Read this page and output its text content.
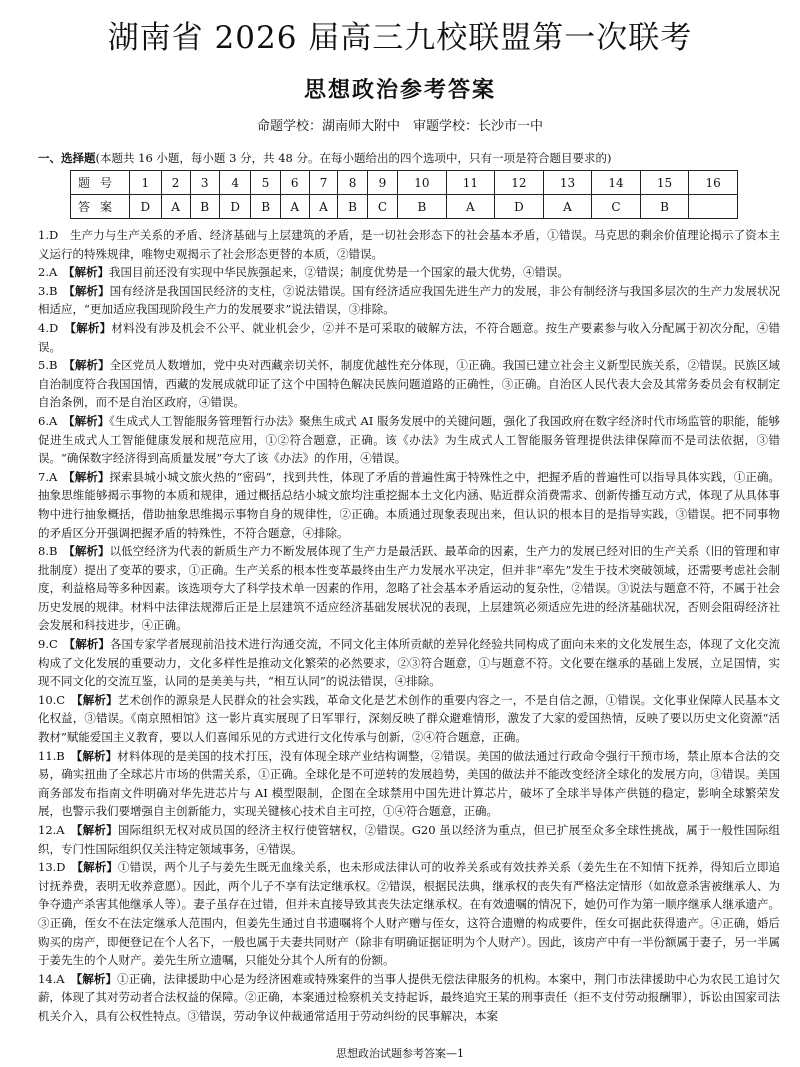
湖南省 2026 届高三九校联盟第一次联考
思想政治参考答案
命题学校：湖南师大附中　审题学校：长沙市一中
一、选择题(本题共 16 小题，每小题 3 分，共 48 分。在每小题给出的四个选项中，只有一项是符合题目要求的)
题号	1	2	3	4	5	6	7	8	9	10	11	12	13	14	15	16
答案	D	A	B	D	B	A	A	B	C	B	A	D	A	C	B	

1.D　 生产力与生产关系的矛盾、经济基础与上层建筑的矛盾，是一切社会形态下的社会基本矛盾，①错误。马克思的剩余价值理论揭示了资本主义运行的特殊规律，唯物史观揭示了社会形态更替的本质，②错误。

2.A　 【解析】我国目前还没有实现中华民族强起来，②错误；制度优势是一个国家的最大优势，④错误。

3.B　 【解析】国有经济是我国国民经济的支柱，②说法错误。国有经济适应我国先进生产力的发展，非公有制经济与我国多层次的生产力发展状况相适应，“更加适应我国现阶段生产力的发展要求”说法错误，③排除。

4.D　 【解析】材料没有涉及机会不公平、就业机会少，②并不是可采取的破解方法，不符合题意。按生产要素参与收入分配属于初次分配，④错误。

5.B　 【解析】全区党员人数增加，党中央对西藏亲切关怀，制度优越性充分体现，①正确。我国已建立社会主义新型民族关系，②错误。民族区域自治制度符合我国国情，西藏的发展成就印证了这个中国特色解决民族问题道路的正确性，③正确。自治区人民代表大会及其常务委员会有权制定自治条例，而不是自治区政府，④错误。

6.A　 【解析】《生成式人工智能服务管理暂行办法》聚焦生成式 AI 服务发展中的关键问题，强化了我国政府在数字经济时代市场监管的职能，能够促进生成式人工智能健康发展和规范应用，①②符合题意，正确。该《办法》为生成式人工智能服务管理提供法律保障而不是司法依据，③错误。“确保数字经济得到高质量发展”夸大了该《办法》的作用，④错误。

7.A　 【解析】探索县城小城文旅火热的“密码”，找到共性，体现了矛盾的普遍性寓于特殊性之中，把握矛盾的普遍性可以指导具体实践，①正确。抽象思维能够揭示事物的本质和规律，通过概括总结小城文旅均注重挖掘本土文化内涵、贴近群众消费需求、创新传播互动方式，体现了从具体事物中进行抽象概括，借助抽象思维揭示事物自身的规律性，②正确。本质通过现象表现出来，但认识的根本目的是指导实践，③错误。把不同事物的矛盾区分开强调把握矛盾的特殊性，不符合题意，④排除。

8.B　 【解析】以低空经济为代表的新质生产力不断发展体现了生产力是最活跃、最革命的因素，生产力的发展已经对旧的生产关系（旧的管理和审批制度）提出了变革的要求，①正确。生产关系的根本性变革最终由生产力发展水平决定，但并非“率先”发生于技术突破领域，还需要考虑社会制度，利益格局等多种因素。该选项夸大了科学技术单一因素的作用，忽略了社会基本矛盾运动的复杂性，②错误。③说法与题意不符，不属于社会历史发展的规律。材料中法律法规滞后正是上层建筑不适应经济基础发展状况的表现，上层建筑必须适应先进的经济基础状况，否则会阻碍经济社会发展和科技进步，④正确。

9.C　 【解析】各国专家学者展现前沿技术进行沟通交流，不同文化主体所贡献的差异化经验共同构成了面向未来的文化发展生态，体现了文化交流构成了文化发展的重要动力，文化多样性是推动文化繁荣的必然要求，②③符合题意，①与题意不符。文化要在继承的基础上发展，立足国情，实现不同文化的交流互鉴，认同的是美美与共，“相互认同”的说法错误，④排除。

10.C　 【解析】艺术创作的源泉是人民群众的社会实践，革命文化是艺术创作的重要内容之一，不是自信之源，①错误。文化事业保障人民基本文化权益，③错误。《南京照相馆》这一影片真实展现了日军罪行，深刻反映了群众避难情形，激发了大家的爱国热情，反映了要以历史文化资源“活教材”赋能爱国主义教育，要以人们喜闻乐见的方式进行文化传承与创新，②④符合题意，正确。

11.B　 【解析】材料体现的是美国的技术打压，没有体现全球产业结构调整，②错误。美国的做法通过行政命令强行干预市场，禁止原本合法的交易，确实扭曲了全球芯片市场的供需关系，①正确。全球化是不可逆转的发展趋势，美国的做法并不能改变经济全球化的发展方向，③错误。美国商务部发布指南文件明确对华先进芯片与 AI 模型限制，企图在全球禁用中国先进计算芯片，破坏了全球半导体产供链的稳定，影响全球繁荣发展，也警示我们要增强自主创新能力，实现关键核心技术自主可控，①④符合题意，正确。

12.A　 【解析】国际组织无权对成员国的经济主权行使管辖权，②错误。G20 虽以经济为重点，但已扩展至众多全球性挑战，属于一般性国际组织，专门性国际组织仅关注特定领域事务，④错误。

13.D　 【解析】①错误，两个儿子与姜先生既无血缘关系，也未形成法律认可的收养关系或有效扶养关系（姜先生在不知情下抚养，得知后立即追讨抚养费，表明无收养意愿）。因此，两个儿子不享有法定继承权。②错误，根据民法典，继承权的丧失有严格法定情形（如故意杀害被继承人、为争夺遗产杀害其他继承人等）。妻子虽存在过错，但并未直接导致其丧失法定继承权。在有效遗嘱的情况下，她仍可作为第一顺序继承人继承遗产。③正确，侄女不在法定继承人范围内，但姜先生通过自书遗嘱将个人财产赠与侄女，这符合遗赠的构成要件，侄女可据此获得遗产。④正确，婚后购买的房产，即便登记在个人名下，一般也属于夫妻共同财产（除非有明确证据证明为个人财产）。因此，该房产中有一半份额属于妻子，另一半属于姜先生的个人财产。姜先生所立遗嘱，只能处分其个人所有的份额。

14.A　 【解析】①正确，法律援助中心是为经济困难或特殊案件的当事人提供无偿法律服务的机构。本案中，荆门市法律援助中心为农民工追讨欠薪，体现了其对劳动者合法权益的保障。②正确，本案通过检察机关支持起诉，最终追究王某的刑事责任（拒不支付劳动报酬罪），诉讼由国家司法机关介入，具有公权性特点。③错误，劳动争议仲裁通常适用于劳动纠纷的民事解决，本案

思想政治试题参考答案—1
